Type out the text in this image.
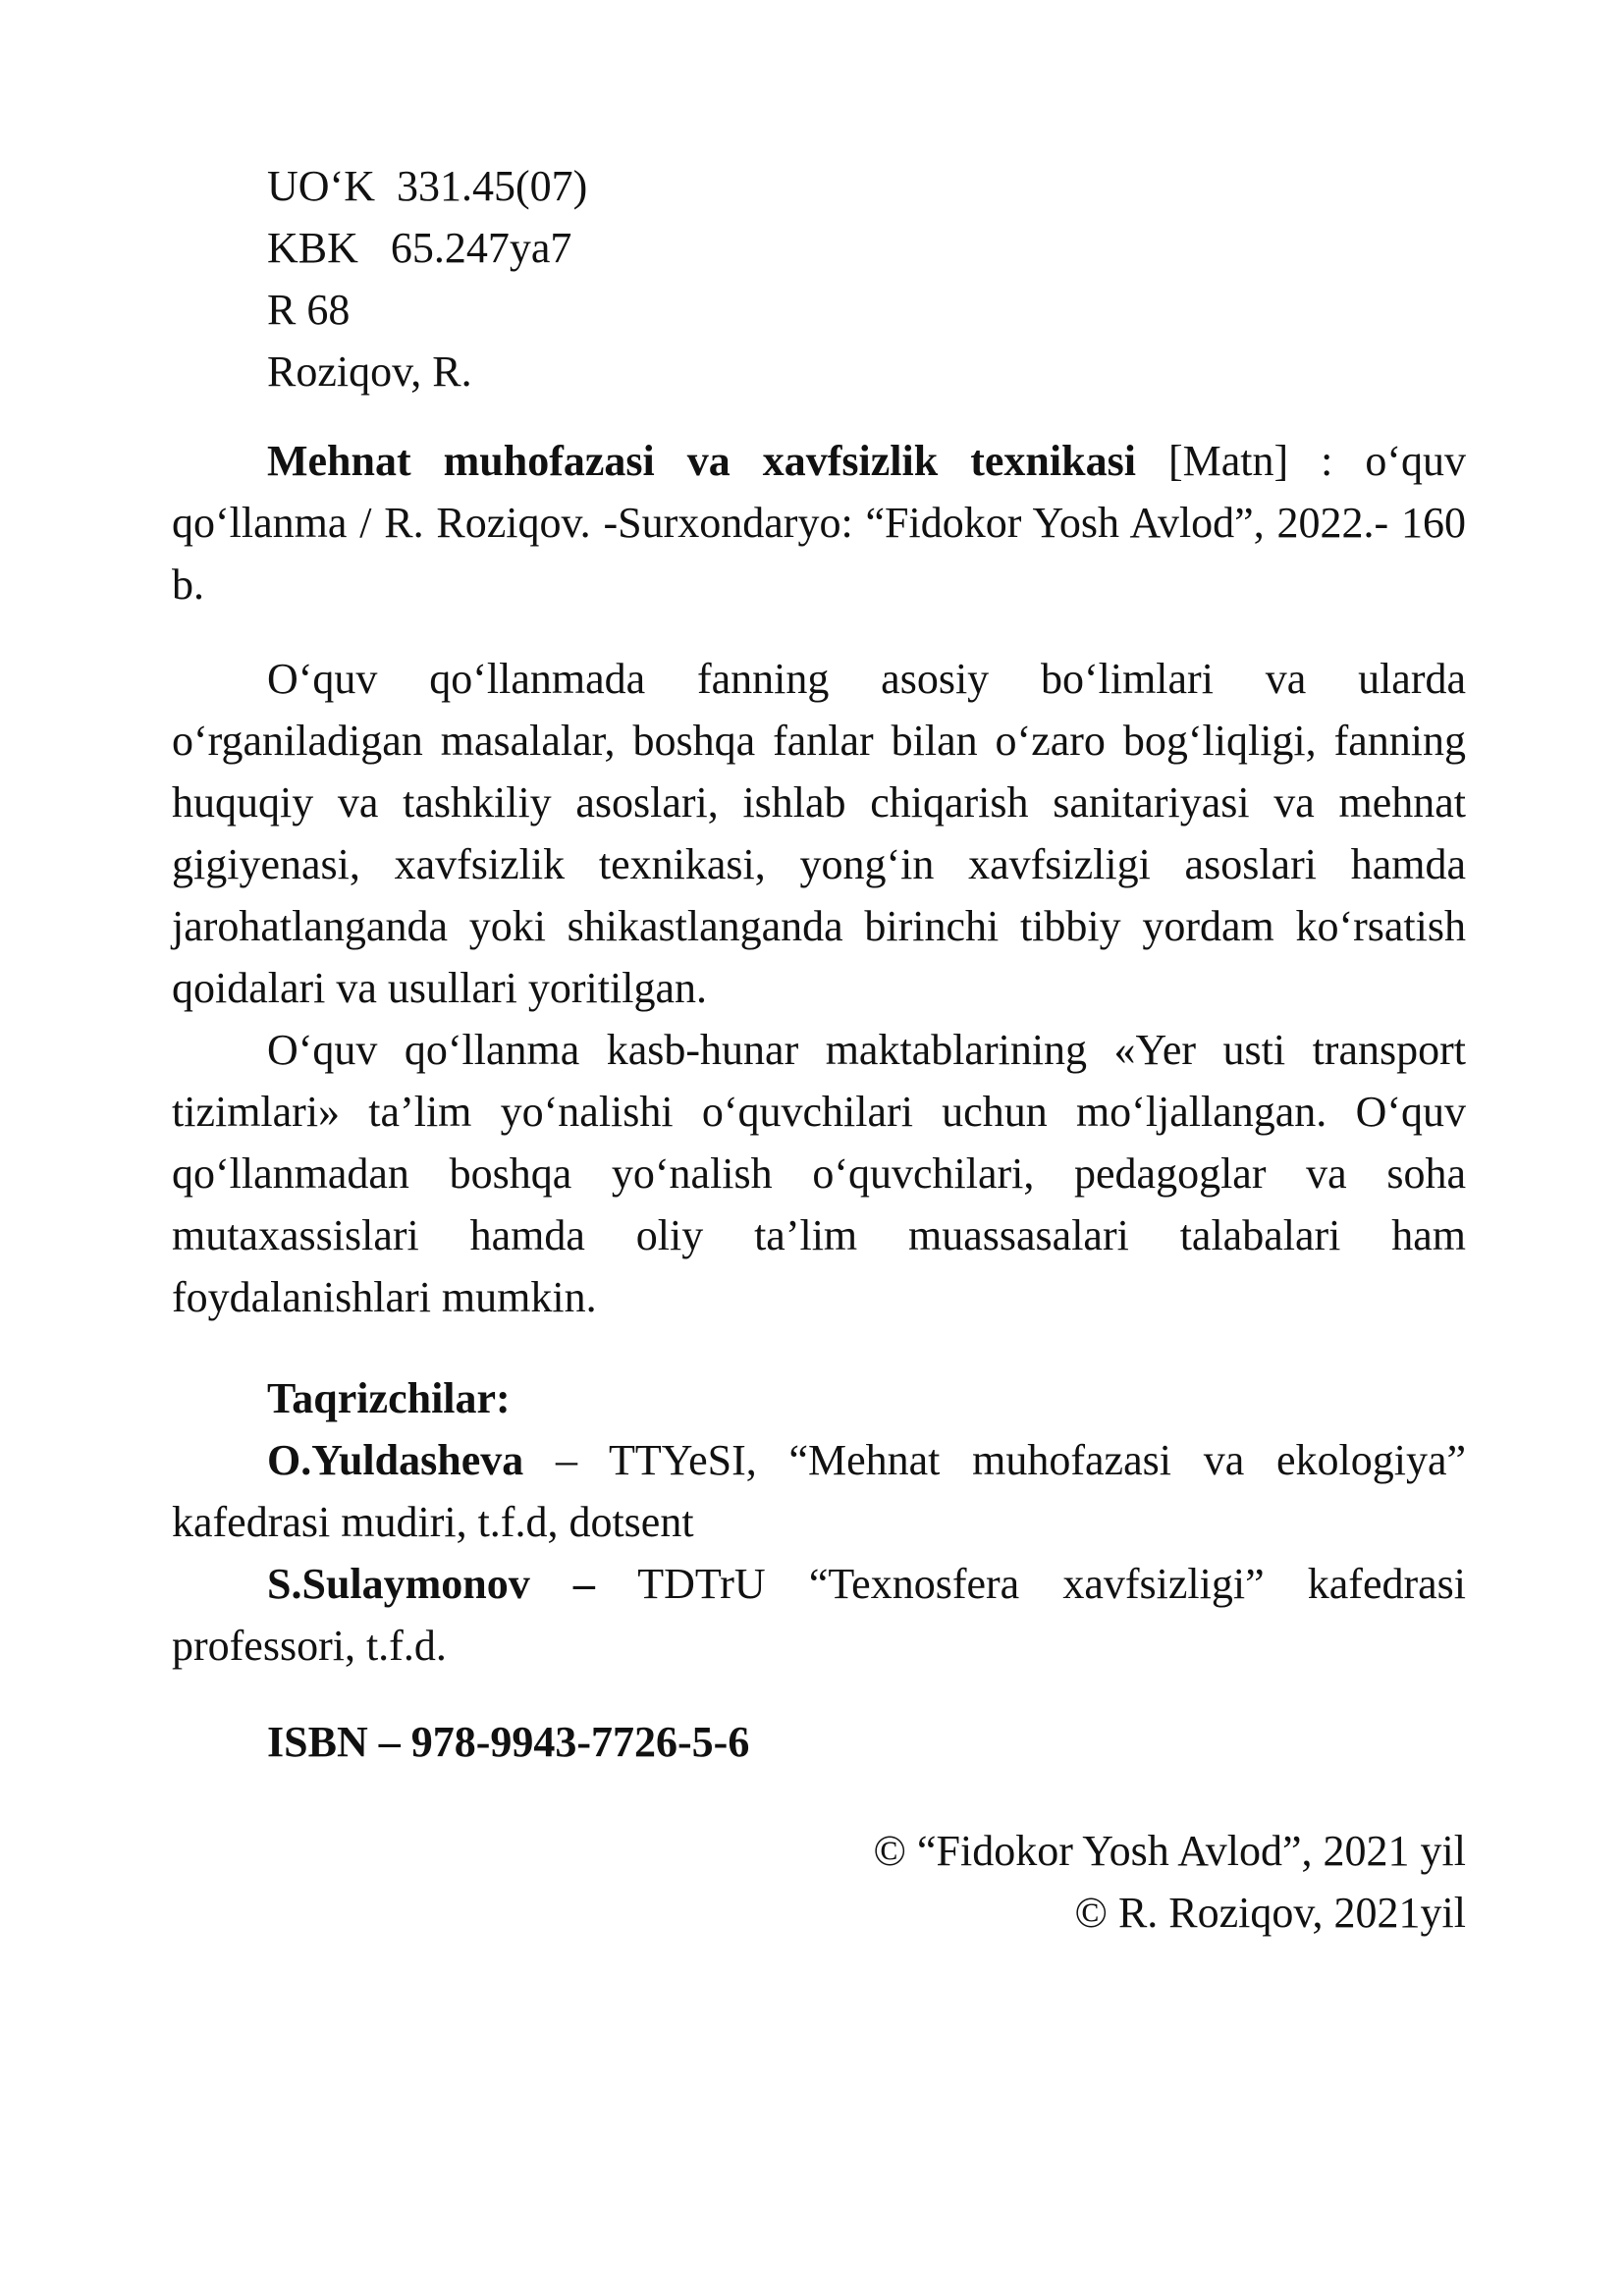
UO‘K  331.45(07)
KBK   65.247ya7
R 68
Roziqov, R.

Mehnat muhofazasi va xavfsizlik texnikasi [Matn] : o‘quv qo‘llanma / R. Roziqov. -Surxondaryo: “Fidokor Yosh Avlod”, 2022.- 160 b.

O‘quv qo‘llanmada fanning asosiy bo‘limlari va ularda o‘rganiladigan masalalar, boshqa fanlar bilan o‘zaro bog‘liqligi, fanning huquqiy va tashkiliy asoslari, ishlab chiqarish sanitariyasi va mehnat gigiyenasi, xavfsizlik texnikasi, yong‘in xavfsizligi asoslari hamda jarohatlanganda yoki shikastlanganda birinchi tibbiy yordam ko‘rsatish qoidalari va usullari yoritilgan.

O‘quv qo‘llanma kasb-hunar maktablarining «Yer usti transport tizimlari» ta’lim yo‘nalishi o‘quvchilari uchun mo‘ljallangan. O‘quv qo‘llanmadan boshqa yo‘nalish o‘quvchilari, pedagoglar va soha mutaxassislari hamda oliy ta’lim muassasalari talabalari ham foydalanishlari mumkin.

Taqrizchilar:

O.Yuldasheva – TTYeSI, “Mehnat muhofazasi va ekologiya” kafedrasi mudiri, t.f.d, dotsent

S.Sulaymonov – TDTrU “Texnosfera xavfsizligi” kafedrasi professori, t.f.d.

ISBN – 978-9943-7726-5-6
© “Fidokor Yosh Avlod”, 2021 yil
© R. Roziqov, 2021yil
